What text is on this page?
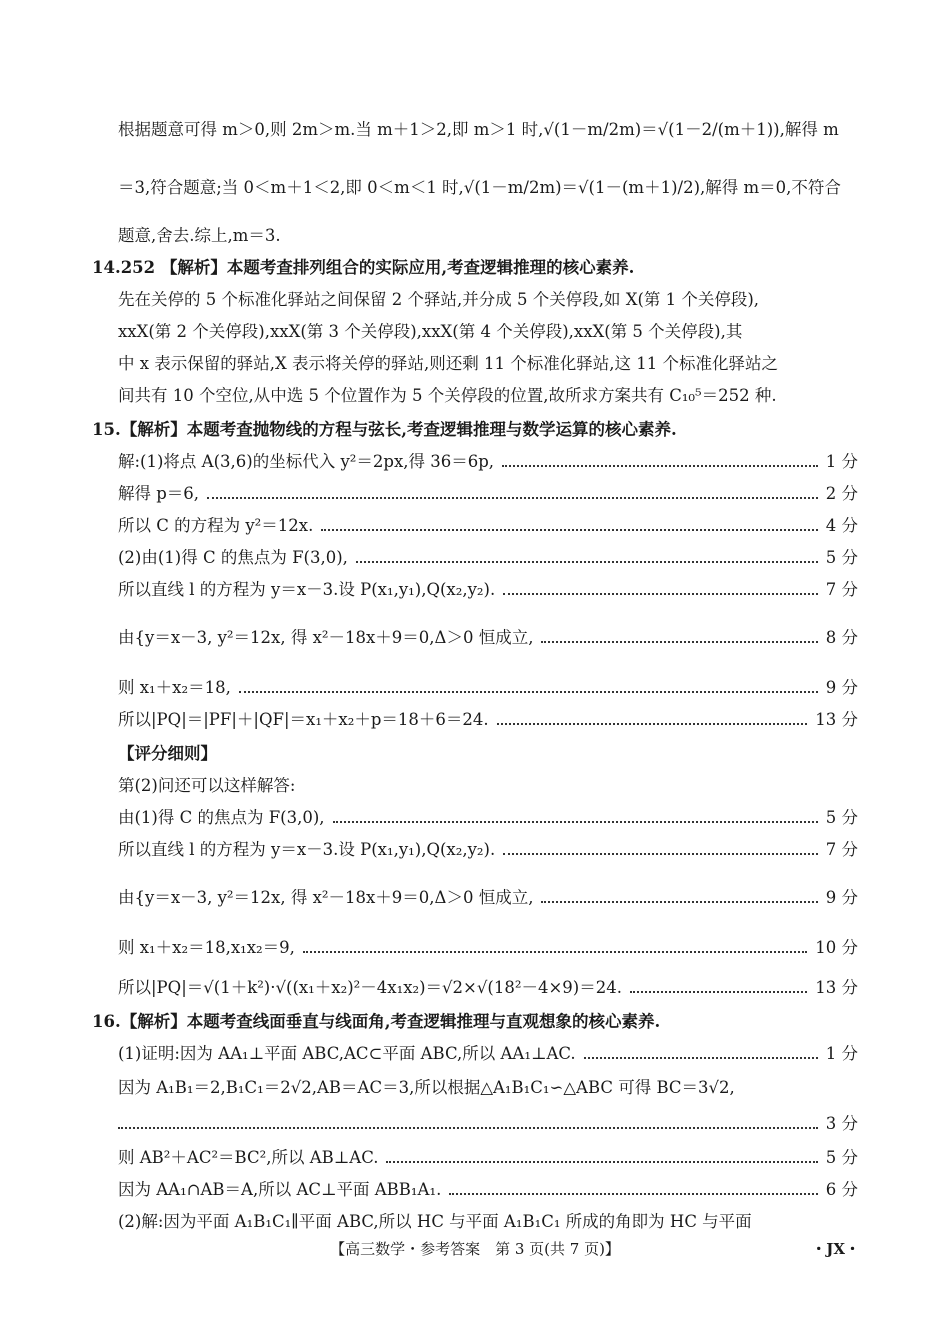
根据题意可得 m＞0,则 2m＞m.当 m＋1＞2,即 m＞1 时,√(1－m/2m)＝√(1－2/(m＋1)),解得 m
＝3,符合题意;当 0＜m＋1＜2,即 0＜m＜1 时,√(1－m/2m)＝√(1－(m＋1)/2),解得 m＝0,不符合
题意,舍去.综上,m＝3.
14.252 【解析】本题考查排列组合的实际应用,考查逻辑推理的核心素养.
先在关停的 5 个标准化驿站之间保留 2 个驿站,并分成 5 个关停段,如 X(第 1 个关停段),
xxX(第 2 个关停段),xxX(第 3 个关停段),xxX(第 4 个关停段),xxX(第 5 个关停段),其
中 x 表示保留的驿站,X 表示将关停的驿站,则还剩 11 个标准化驿站,这 11 个标准化驿站之
间共有 10 个空位,从中选 5 个位置作为 5 个关停段的位置,故所求方案共有 C₁₀⁵＝252 种.
15.【解析】本题考查抛物线的方程与弦长,考查逻辑推理与数学运算的核心素养.
解:(1)将点 A(3,6)的坐标代入 y²＝2px,得 36＝6p,	1 分
解得 p＝6,	2 分
所以 C 的方程为 y²＝12x.	4 分
(2)由(1)得 C 的焦点为 F(3,0),	5 分
所以直线 l 的方程为 y＝x－3.设 P(x₁,y₁),Q(x₂,y₂).	7 分
由{y＝x－3, y²＝12x, 得 x²－18x＋9＝0,Δ＞0 恒成立,	8 分
则 x₁＋x₂＝18,	9 分
所以|PQ|＝|PF|＋|QF|＝x₁＋x₂＋p＝18＋6＝24.	13 分
【评分细则】
第(2)问还可以这样解答:
由(1)得 C 的焦点为 F(3,0),	5 分
所以直线 l 的方程为 y＝x－3.设 P(x₁,y₁),Q(x₂,y₂).	7 分
由{y＝x－3, y²＝12x, 得 x²－18x＋9＝0,Δ＞0 恒成立,	9 分
则 x₁＋x₂＝18,x₁x₂＝9,	10 分
所以|PQ|＝√(1＋k²)·√((x₁＋x₂)²－4x₁x₂)＝√2×√(18²－4×9)＝24.	13 分
16.【解析】本题考查线面垂直与线面角,考查逻辑推理与直观想象的核心素养.
(1)证明:因为 AA₁⊥平面 ABC,AC⊂平面 ABC,所以 AA₁⊥AC.	1 分
因为 A₁B₁＝2,B₁C₁＝2√2,AB＝AC＝3,所以根据△A₁B₁C₁∽△ABC 可得 BC＝3√2,
3 分
则 AB²＋AC²＝BC²,所以 AB⊥AC.	5 分
因为 AA₁∩AB＝A,所以 AC⊥平面 ABB₁A₁.	6 分
(2)解:因为平面 A₁B₁C₁∥平面 ABC,所以 HC 与平面 A₁B₁C₁ 所成的角即为 HC 与平面
【高三数学・参考答案　第 3 页(共 7 页)】	・JX・
